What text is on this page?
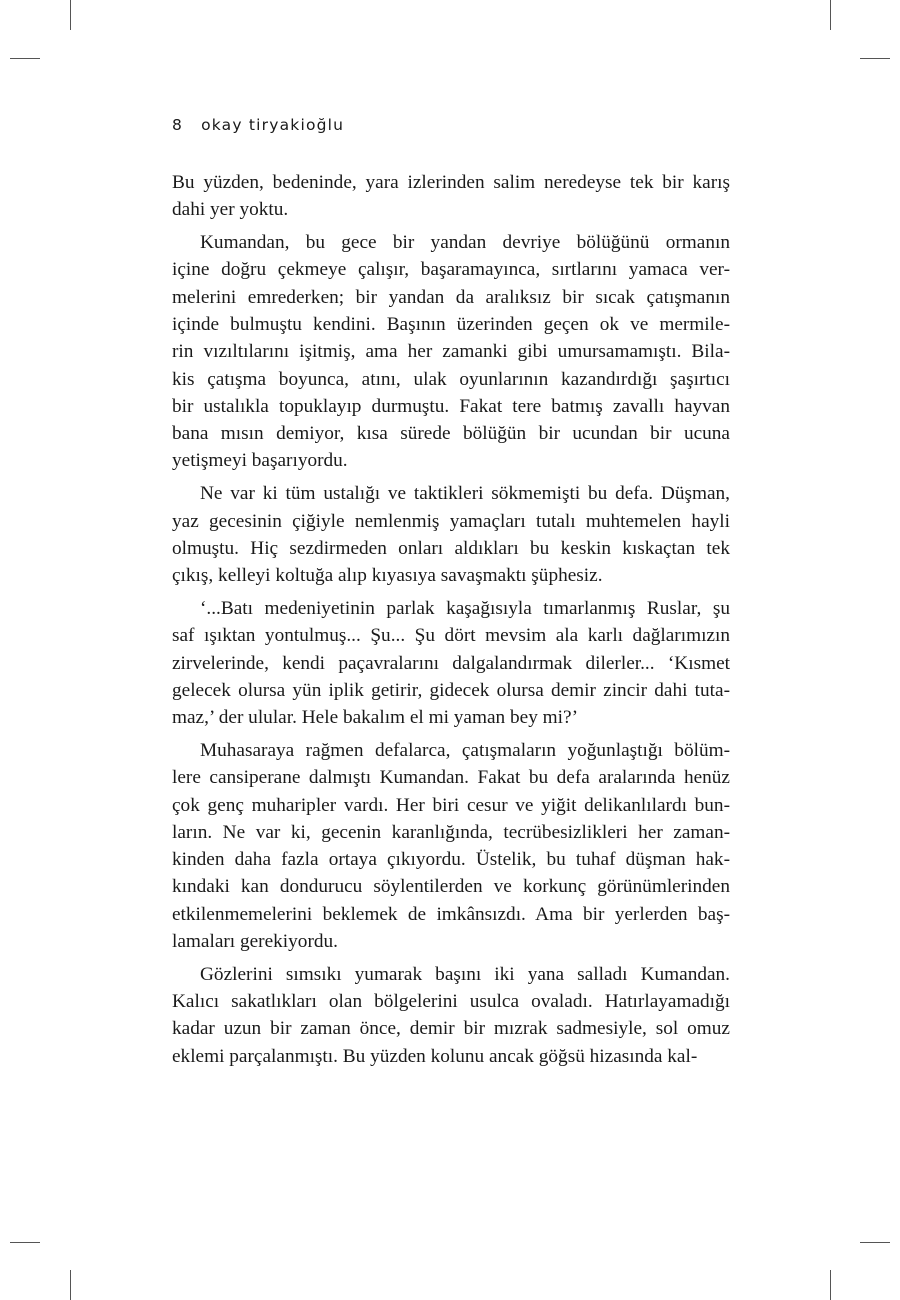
8 okay tiryakioğlu
Bu yüzden, bedeninde, yara izlerinden salim neredeyse tek bir karış
dahi yer yoktu.
Kumandan, bu gece bir yandan devriye bölüğünü ormanın
içine doğru çekmeye çalışır, başaramayınca, sırtlarını yamaca ver-
melerini emrederken; bir yandan da aralıksız bir sıcak çatışmanın
içinde bulmuştu kendini. Başının üzerinden geçen ok ve mermile-
rin vızıltılarını işitmiş, ama her zamanki gibi umursamamıştı. Bila-
kis çatışma boyunca, atını, ulak oyunlarının kazandırdığı şaşırtıcı
bir ustalıkla topuklayıp durmuştu. Fakat tere batmış zavallı hayvan
bana mısın demiyor, kısa sürede bölüğün bir ucundan bir ucuna
yetişmeyi başarıyordu.
Ne var ki tüm ustalığı ve taktikleri sökmemişti bu defa. Düşman,
yaz gecesinin çiğiyle nemlenmiş yamaçları tutalı muhtemelen hayli
olmuştu. Hiç sezdirmeden onları aldıkları bu keskin kıskaçtan tek
çıkış, kelleyi koltuğa alıp kıyasıya savaşmaktı şüphesiz.
‘...Batı medeniyetinin parlak kaşağısıyla tımarlanmış Ruslar, şu
saf ışıktan yontulmuş... Şu... Şu dört mevsim ala karlı dağlarımızın
zirvelerinde, kendi paçavralarını dalgalandırmak dilerler... ‘Kısmet
gelecek olursa yün iplik getirir, gidecek olursa demir zincir dahi tuta-
maz,’ der ulular. Hele bakalım el mi yaman bey mi?’
Muhasaraya rağmen defalarca, çatışmaların yoğunlaştığı bölüm-
lere cansiperane dalmıştı Kumandan. Fakat bu defa aralarında henüz
çok genç muharipler vardı. Her biri cesur ve yiğit delikanlılardı bun-
ların. Ne var ki, gecenin karanlığında, tecrübesizlikleri her zaman-
kinden daha fazla ortaya çıkıyordu. Üstelik, bu tuhaf düşman hak-
kındaki kan dondurucu söylentilerden ve korkunç görünümlerinden
etkilenmemelerini beklemek de imkânsızdı. Ama bir yerlerden baş-
lamaları gerekiyordu.
Gözlerini sımsıkı yumarak başını iki yana salladı Kumandan.
Kalıcı sakatlıkları olan bölgelerini usulca ovaladı. Hatırlayamadığı
kadar uzun bir zaman önce, demir bir mızrak sadmesiyle, sol omuz
eklemi parçalanmıştı. Bu yüzden kolunu ancak göğsü hizasında kal-
